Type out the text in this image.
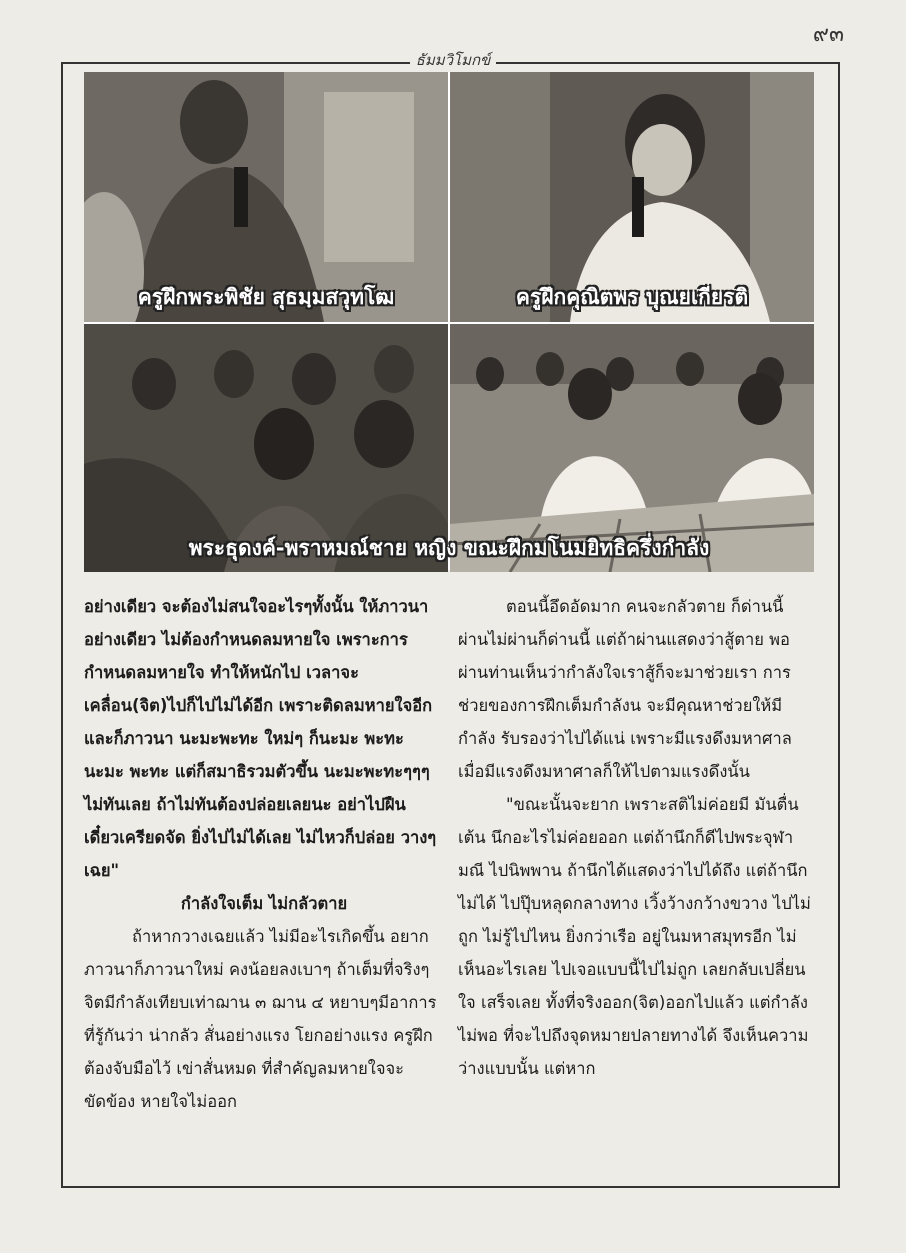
๙๓
ธัมมวิโมกข์
ครูฝึกพระพิชัย สุธมฺมสวุทโฒ	ครูฝึกคุณิตพร บุณยเกียรติ
พระธุดงค์-พราหมณ์ชาย หญิง ขณะฝึกมโนมยิทธิครึ่งกำลัง

อย่างเดียว จะต้องไม่สนใจอะไรๆทั้งนั้น ให้ภาวนาอย่างเดียว ไม่ต้องกำหนดลมหายใจ เพราะการกำหนดลมหายใจ ทำให้หนักไป เวลาจะเคลื่อน(จิต)ไปก็ไปไม่ได้อีก เพราะติดลมหายใจอีก และก็ภาวนา นะมะพะทะ ใหม่ๆ ก็นะมะ พะทะ นะมะ พะทะ แต่ก็สมาธิรวมตัวขึ้น นะมะพะทะๆๆๆไม่ทันเลย ถ้าไม่ทันต้องปล่อยเลยนะ อย่าไปฝืน เดี๋ยวเครียดจัด ยิ่งไปไม่ได้เลย ไม่ไหวก็ปล่อย วางๆเฉย"

กำลังใจเต็ม ไม่กลัวตาย

ถ้าหากวางเฉยแล้ว ไม่มีอะไรเกิดขึ้น อยากภาวนาก็ภาวนาใหม่ คงน้อยลงเบาๆ ถ้าเต็มที่จริงๆ จิตมีกำลังเทียบเท่าฌาน ๓ ฌาน ๔ หยาบๆมีอาการที่รู้กันว่า น่ากลัว สั่นอย่างแรง โยกอย่างแรง ครูฝึกต้องจับมือไว้ เข่าสั่นหมด ที่สำคัญลมหายใจจะขัดข้อง หายใจไม่ออก

ตอนนี้อึดอัดมาก คนจะกลัวตาย ก็ด่านนี้ ผ่านไม่ผ่านก็ด่านนี้ แต่ถ้าผ่านแสดงว่าสู้ตาย พอผ่านท่านเห็นว่ากำลังใจเราสู้ก็จะมาช่วยเรา การช่วยของการฝึกเต็มกำลังน จะมีคุณหาช่วยให้มีกำลัง รับรองว่าไปได้แน่ เพราะมีแรงดึงมหาศาล เมื่อมีแรงดึงมหาศาลก็ให้ไปตามแรงดึงนั้น

"ขณะนั้นจะยาก เพราะสติไม่ค่อยมี มันตื่นเต้น นึกอะไรไม่ค่อยออก แต่ถ้านึกก็ดีไปพระจุฬามณี ไปนิพพาน ถ้านึกได้แสดงว่าไปได้ถึง แต่ถ้านึกไม่ได้ ไปปุ๊บหลุดกลางทาง เวิ้งว้างกว้างขวาง ไปไม่ถูก ไม่รู้ไปไหน ยิ่งกว่าเรือ อยู่ในมหาสมุทรอีก ไม่เห็นอะไรเลย ไปเจอแบบนี้ไปไม่ถูก เลยกลับเปลี่ยนใจ เสร็จเลย ทั้งที่จริงออก(จิต)ออกไปแล้ว แต่กำลังไม่พอ ที่จะไปถึงจุดหมายปลายทางได้ จึงเห็นความว่างแบบนั้น แต่หาก
